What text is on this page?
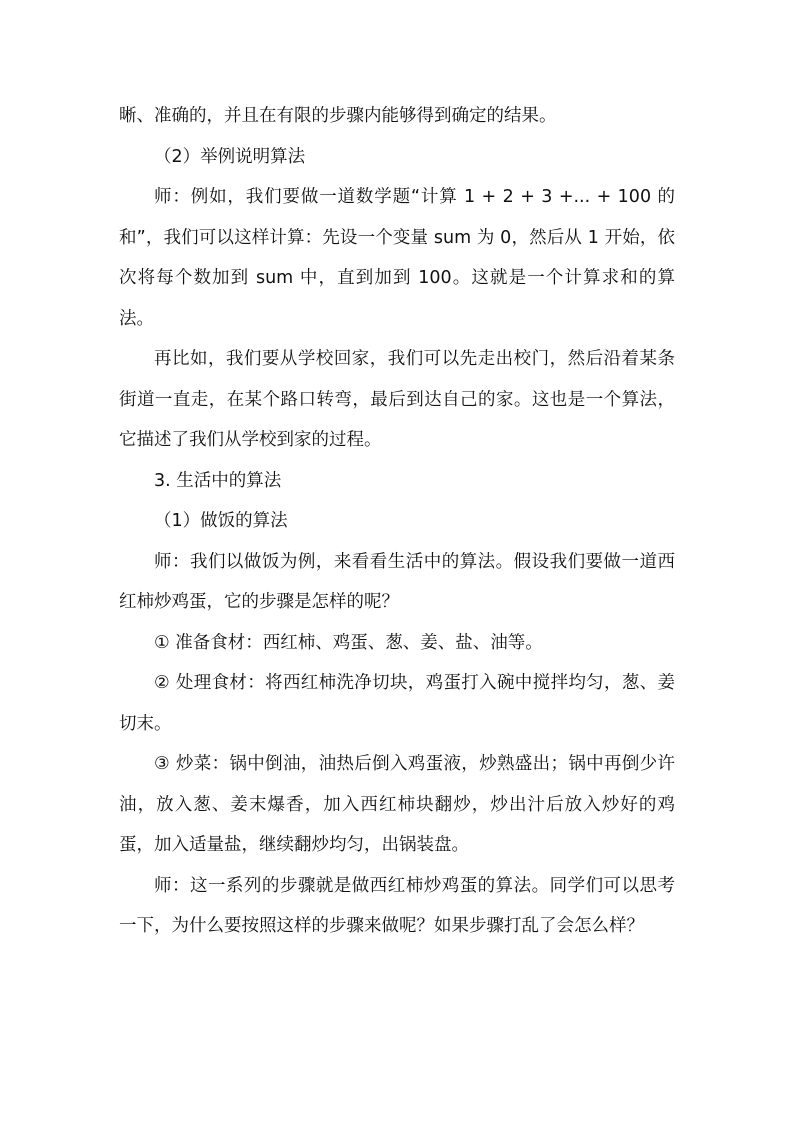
晰、准确的，并且在有限的步骤内能够得到确定的结果。

（2）举例说明算法

师：例如，我们要做一道数学题“计算 1 + 2 + 3 +... + 100 的和”，我们可以这样计算：先设一个变量 sum 为 0，然后从 1 开始，依次将每个数加到 sum 中，直到加到 100。这就是一个计算求和的算法。

再比如，我们要从学校回家，我们可以先走出校门，然后沿着某条街道一直走，在某个路口转弯，最后到达自己的家。这也是一个算法，它描述了我们从学校到家的过程。

3. 生活中的算法

（1）做饭的算法

师：我们以做饭为例，来看看生活中的算法。假设我们要做一道西红柿炒鸡蛋，它的步骤是怎样的呢？

① 准备食材：西红柿、鸡蛋、葱、姜、盐、油等。

② 处理食材：将西红柿洗净切块，鸡蛋打入碗中搅拌均匀，葱、姜切末。

③ 炒菜：锅中倒油，油热后倒入鸡蛋液，炒熟盛出；锅中再倒少许油，放入葱、姜末爆香，加入西红柿块翻炒，炒出汁后放入炒好的鸡蛋，加入适量盐，继续翻炒均匀，出锅装盘。

师：这一系列的步骤就是做西红柿炒鸡蛋的算法。同学们可以思考一下，为什么要按照这样的步骤来做呢？如果步骤打乱了会怎么样？
